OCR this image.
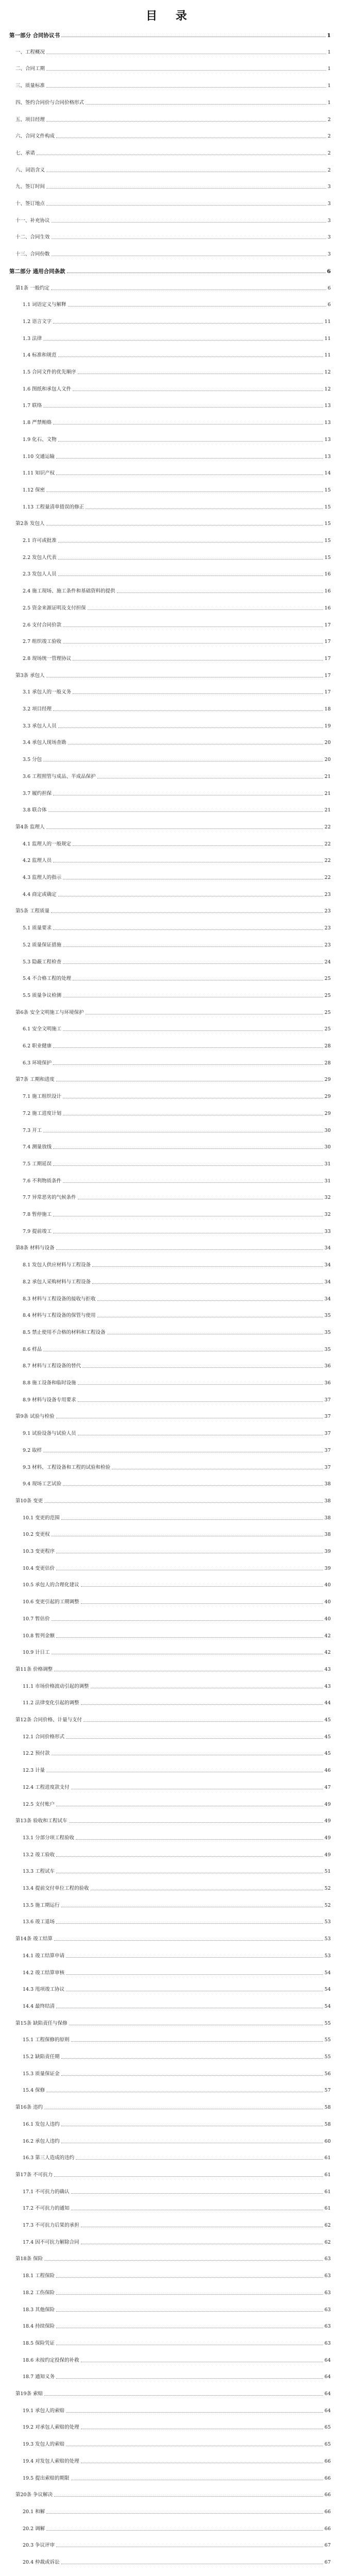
目 录
第一部分 合同协议书	1
一、工程概况	1
二、合同工期	1
三、质量标准	1
四、签约合同价与合同价格形式	1
五、项目经理	2
六、合同文件构成	2
七、承诺	2
八、词语含义	2
九、签订时间	3
十、签订地点	3
十一、补充协议	3
十二、合同生效	3
十三、合同份数	3
第二部分 通用合同条款	6
第1条 一般约定	6
1.1 词语定义与解释	6
1.2 语言文字	11
1.3 法律	11
1.4 标准和规范	11
1.5 合同文件的优先顺序	12
1.6 图纸和承包人文件	12
1.7 联络	13
1.8 严禁贿赂	13
1.9 化石、文物	13
1.10 交通运输	13
1.11 知识产权	14
1.12 保密	15
1.13 工程量清单错误的修正	15
第2条 发包人	15
2.1 许可或批准	15
2.2 发包人代表	15
2.3 发包人人员	16
2.4 施工现场、施工条件和基础资料的提供	16
2.5 资金来源证明及支付担保	16
2.6 支付合同价款	17
2.7 组织竣工验收	17
2.8 现场统一管理协议	17
第3条 承包人	17
3.1 承包人的一般义务	17
3.2 项目经理	18
3.3 承包人人员	19
3.4 承包人现场查勘	20
3.5 分包	20
3.6 工程照管与成品、半成品保护	21
3.7 履约担保	21
3.8 联合体	21
第4条 监理人	22
4.1 监理人的一般规定	22
4.2 监理人员	22
4.3 监理人的指示	22
4.4 商定或确定	23
第5条 工程质量	23
5.1 质量要求	23
5.2 质量保证措施	23
5.3 隐蔽工程检查	24
5.4 不合格工程的处理	25
5.5 质量争议检测	25
第6条 安全文明施工与环境保护	25
6.1 安全文明施工	25
6.2 职业健康	28
6.3 环境保护	28
第7条 工期和进度	29
7.1 施工组织设计	29
7.2 施工进度计划	29
7.3 开工	30
7.4 测量放线	30
7.5 工期延误	31
7.6 不利物质条件	31
7.7 异常恶劣的气候条件	32
7.8 暂停施工	32
7.9 提前竣工	33
第8条 材料与设备	34
8.1 发包人供应材料与工程设备	34
8.2 承包人采购材料与工程设备	34
8.3 材料与工程设备的接收与拒收	34
8.4 材料与工程设备的保管与使用	35
8.5 禁止使用不合格的材料和工程设备	35
8.6 样品	35
8.7 材料与工程设备的替代	36
8.8 施工设备和临时设施	36
8.9 材料与设备专用要求	37
第9条 试验与检验	37
9.1 试验设备与试验人员	37
9.2 取样	37
9.3 材料、工程设备和工程的试验和检验	37
9.4 现场工艺试验	38
第10条 变更	38
10.1 变更的范围	38
10.2 变更权	38
10.3 变更程序	39
10.4 变更估价	39
10.5 承包人的合理化建议	40
10.6 变更引起的工期调整	40
10.7 暂估价	40
10.8 暂列金额	42
10.9 计日工	42
第11条 价格调整	43
11.1 市场价格波动引起的调整	43
11.2 法律变化引起的调整	44
第12条 合同价格、计量与支付	45
12.1 合同价格形式	45
12.2 预付款	45
12.3 计量	46
12.4 工程进度款支付	47
12.5 支付账户	49
第13条 验收和工程试车	49
13.1 分部分项工程验收	49
13.2 竣工验收	49
13.3 工程试车	51
13.4 提前交付单位工程的验收	52
13.5 施工期运行	52
13.6 竣工退场	53
第14条 竣工结算	53
14.1 竣工结算申请	53
14.2 竣工结算审核	54
14.3 甩项竣工协议	54
14.4 最终结清	54
第15条 缺陷责任与保修	55
15.1 工程保修的原则	55
15.2 缺陷责任期	55
15.3 质量保证金	56
15.4 保修	57
第16条 违约	58
16.1 发包人违约	58
16.2 承包人违约	60
16.3 第三人造成的违约	61
第17条 不可抗力	61
17.1 不可抗力的确认	61
17.2 不可抗力的通知	61
17.3 不可抗力后果的承担	62
17.4 因不可抗力解除合同	62
第18条 保险	63
18.1 工程保险	63
18.2 工伤保险	63
18.3 其他保险	63
18.4 持续保险	63
18.5 保险凭证	63
18.6 未按约定投保的补救	64
18.7 通知义务	64
第19条 索赔	64
19.1 承包人的索赔	64
19.2 对承包人索赔的处理	65
19.3 发包人的索赔	65
19.4 对发包人索赔的处理	66
19.5 提出索赔的期限	66
第20条 争议解决	66
20.1 和解	66
20.2 调解	66
20.3 争议评审	67
20.4 仲裁或诉讼	67
